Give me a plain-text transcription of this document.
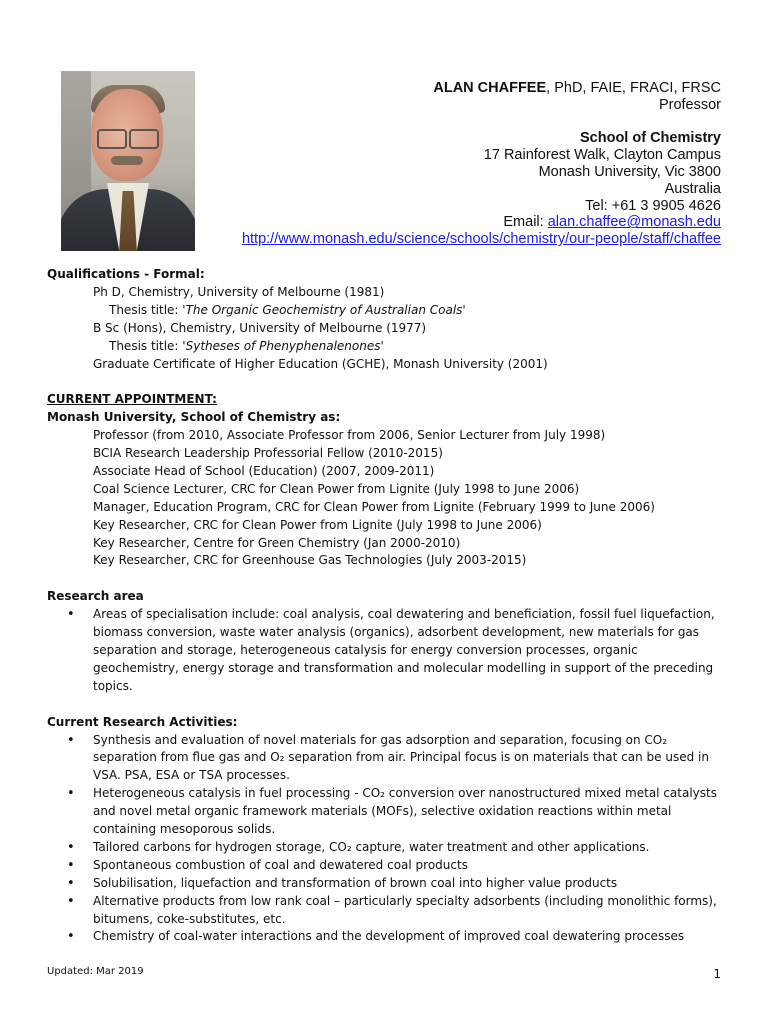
ALAN CHAFFEE, PhD, FAIE, FRACI, FRSC
Professor
School of Chemistry
17 Rainforest Walk, Clayton Campus
Monash University, Vic 3800
Australia
Tel: +61 3 9905 4626
Email: alan.chaffee@monash.edu
http://www.monash.edu/science/schools/chemistry/our-people/staff/chaffee

Qualifications - Formal:

Ph D, Chemistry, University of Melbourne (1981)

Thesis title: 'The Organic Geochemistry of Australian Coals'

B Sc (Hons), Chemistry, University of Melbourne (1977)

Thesis title: 'Sytheses of Phenyphenalenones'

Graduate Certificate of Higher Education (GCHE), Monash University (2001)

CURRENT APPOINTMENT:

Monash University, School of Chemistry as:

Professor (from 2010, Associate Professor from 2006, Senior Lecturer from July 1998)

BCIA Research Leadership Professorial Fellow (2010-2015)

Associate Head of School (Education) (2007, 2009-2011)

Coal Science Lecturer, CRC for Clean Power from Lignite (July 1998 to June 2006)

Manager, Education Program, CRC for Clean Power from Lignite (February 1999 to June 2006)

Key Researcher, CRC for Clean Power from Lignite (July 1998 to June 2006)

Key Researcher, Centre for Green Chemistry (Jan 2000-2010)

Key Researcher, CRC for Greenhouse Gas Technologies (July 2003-2015)

Research area

• Areas of specialisation include: coal analysis, coal dewatering and beneficiation, fossil fuel liquefaction, biomass conversion, waste water analysis (organics), adsorbent development, new materials for gas separation and storage, heterogeneous catalysis for energy conversion processes, organic geochemistry, energy storage and transformation and molecular modelling in support of the preceding topics.

Current Research Activities:

• Synthesis and evaluation of novel materials for gas adsorption and separation, focusing on CO₂ separation from flue gas and O₂ separation from air. Principal focus is on materials that can be used in VSA. PSA, ESA or TSA processes.
• Heterogeneous catalysis in fuel processing - CO₂ conversion over nanostructured mixed metal catalysts and novel metal organic framework materials (MOFs), selective oxidation reactions within metal containing mesoporous solids.
• Tailored carbons for hydrogen storage, CO₂ capture, water treatment and other applications.
• Spontaneous combustion of coal and dewatered coal products
• Solubilisation, liquefaction and transformation of brown coal into higher value products
• Alternative products from low rank coal – particularly specialty adsorbents (including monolithic forms), bitumens, coke-substitutes, etc.
• Chemistry of coal-water interactions and the development of improved coal dewatering processes
Updated: Mar 2019	1
